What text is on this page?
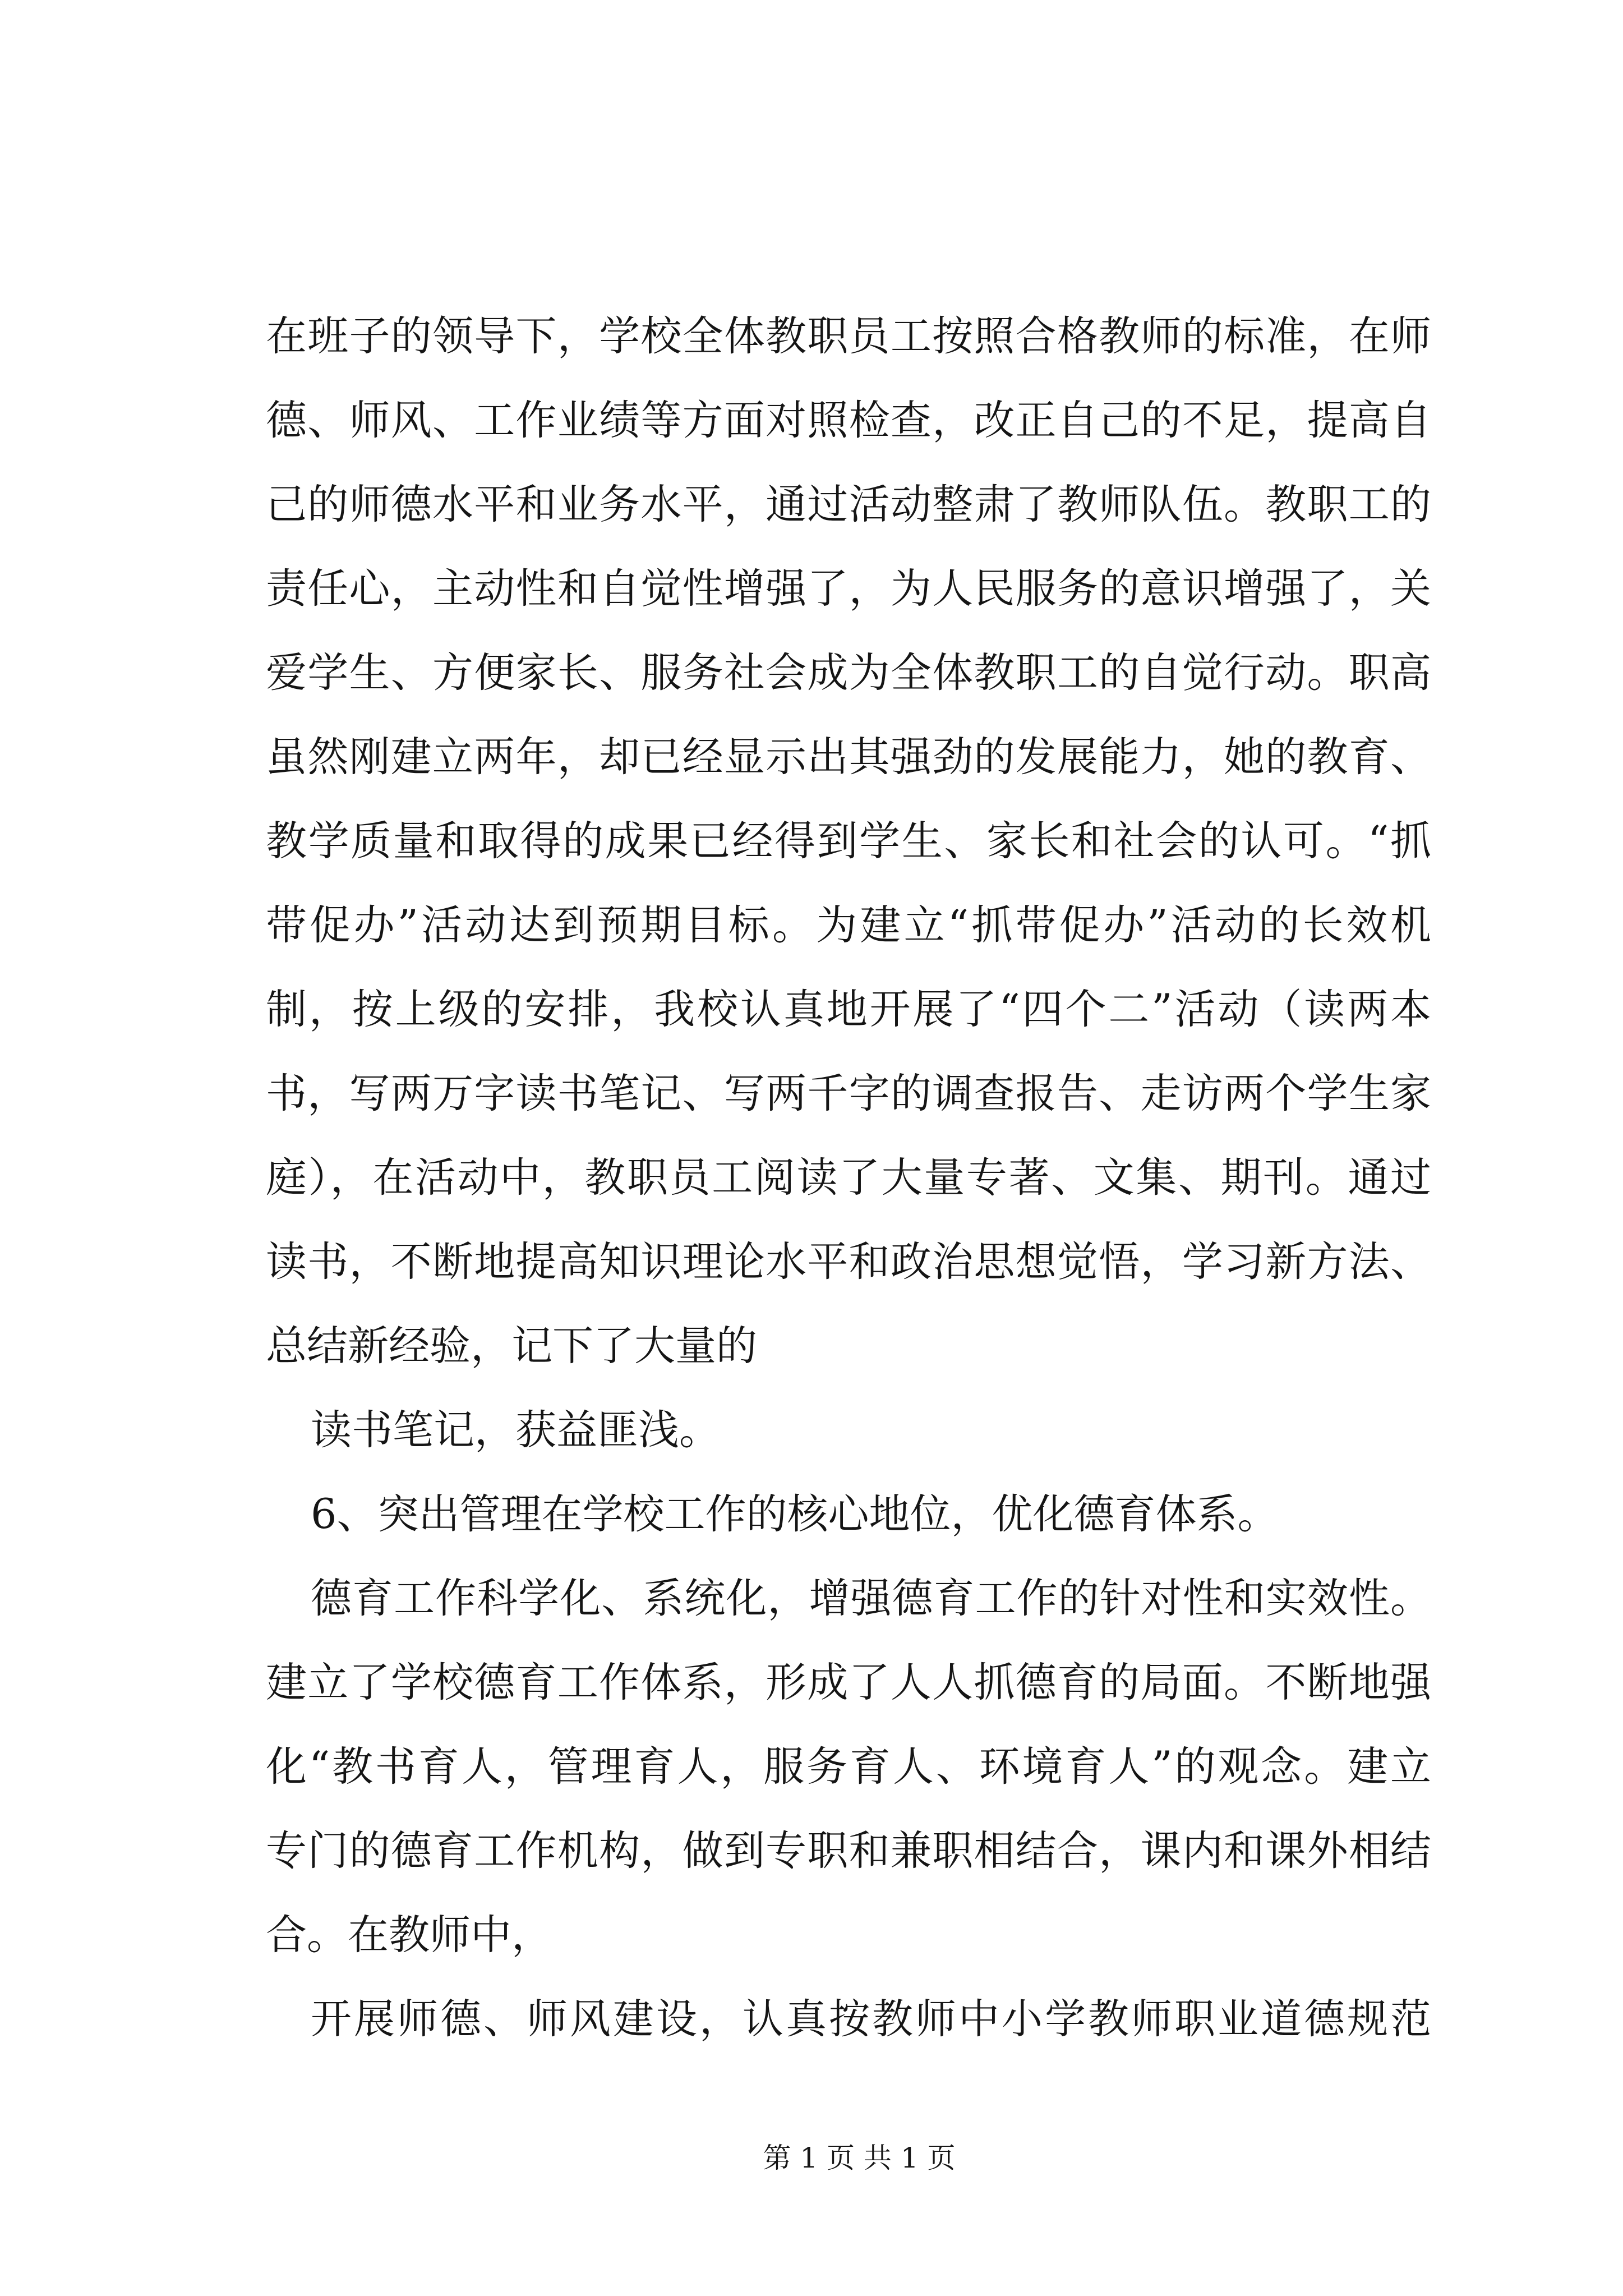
在班子的领导下，学校全体教职员工按照合格教师的标准，在师
德、师风、工作业绩等方面对照检查，改正自己的不足，提高自
己的师德水平和业务水平，通过活动整肃了教师队伍。教职工的
责任心，主动性和自觉性增强了，为人民服务的意识增强了，关
爱学生、方便家长、服务社会成为全体教职工的自觉行动。职高
虽然刚建立两年，却已经显示出其强劲的发展能力，她的教育、
教学质量和取得的成果已经得到学生、家长和社会的认可。“抓
带促办”活动达到预期目标。为建立“抓带促办”活动的长效机
制，按上级的安排，我校认真地开展了“四个二”活动（读两本
书，写两万字读书笔记、写两千字的调查报告、走访两个学生家
庭），在活动中，教职员工阅读了大量专著、文集、期刊。通过
读书，不断地提高知识理论水平和政治思想觉悟，学习新方法、
总结新经验，记下了大量的
读书笔记，获益匪浅。
6、突出管理在学校工作的核心地位，优化德育体系。
德育工作科学化、系统化，增强德育工作的针对性和实效性。
建立了学校德育工作体系，形成了人人抓德育的局面。不断地强
化“教书育人，管理育人，服务育人、环境育人”的观念。建立
专门的德育工作机构，做到专职和兼职相结合，课内和课外相结
合。在教师中，
开展师德、师风建设，认真按教师中小学教师职业道德规范
第 1 页 共 1 页
